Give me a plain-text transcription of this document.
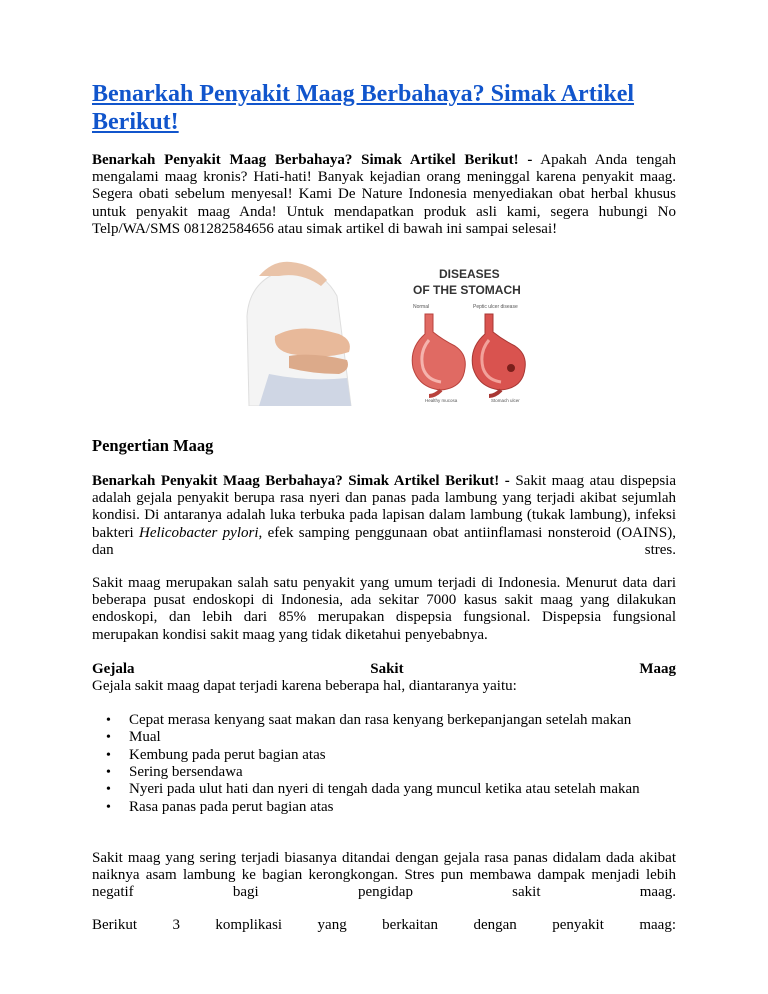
Benarkah Penyakit Maag Berbahaya? Simak Artikel Berikut!

Benarkah Penyakit Maag Berbahaya? Simak Artikel Berikut! - Apakah Anda tengah mengalami maag kronis? Hati-hati! Banyak kejadian orang meninggal karena penyakit maag. Segera obati sebelum menyesal! Kami De Nature Indonesia menyediakan obat herbal khusus untuk penyakit maag Anda! Untuk mendapatkan produk asli kami, segera hubungi No Telp/WA/SMS 081282584656 atau simak artikel di bawah ini sampai selesai!

DISEASES
OF THE STOMACH
Normal	Peptic ulcer disease
Healthy mucosa	Stomach ulcer
Pengertian Maag

Benarkah Penyakit Maag Berbahaya? Simak Artikel Berikut! - Sakit maag atau dispepsia adalah gejala penyakit berupa rasa nyeri dan panas pada lambung yang terjadi akibat sejumlah kondisi. Di antaranya adalah luka terbuka pada lapisan dalam lambung (tukak lambung), infeksi bakteri Helicobacter pylori, efek samping penggunaan obat antiinflamasi nonsteroid (OAINS), dan stres.

Sakit maag merupakan salah satu penyakit yang umum terjadi di Indonesia. Menurut data dari beberapa pusat endoskopi di Indonesia, ada sekitar 7000 kasus sakit maag yang dilakukan endoskopi, dan lebih dari 85% merupakan dispepsia fungsional. Dispepsia fungsional merupakan kondisi sakit maag yang tidak diketahui penyebabnya.

Gejala	Sakit	Maag

Gejala sakit maag dapat terjadi karena beberapa hal, diantaranya yaitu:

• Cepat merasa kenyang saat makan dan rasa kenyang berkepanjangan setelah makan
• Mual
• Kembung pada perut bagian atas
• Sering bersendawa
• Nyeri pada ulut hati dan nyeri di tengah dada yang muncul ketika atau setelah makan
• Rasa panas pada perut bagian atas

Sakit maag yang sering terjadi biasanya ditandai dengan gejala rasa panas didalam dada akibat naiknya asam lambung ke bagian kerongkongan. Stres pun membawa dampak menjadi lebih negatif bagi pengidap sakit maag.

Berikut 3 komplikasi yang berkaitan dengan penyakit maag:
